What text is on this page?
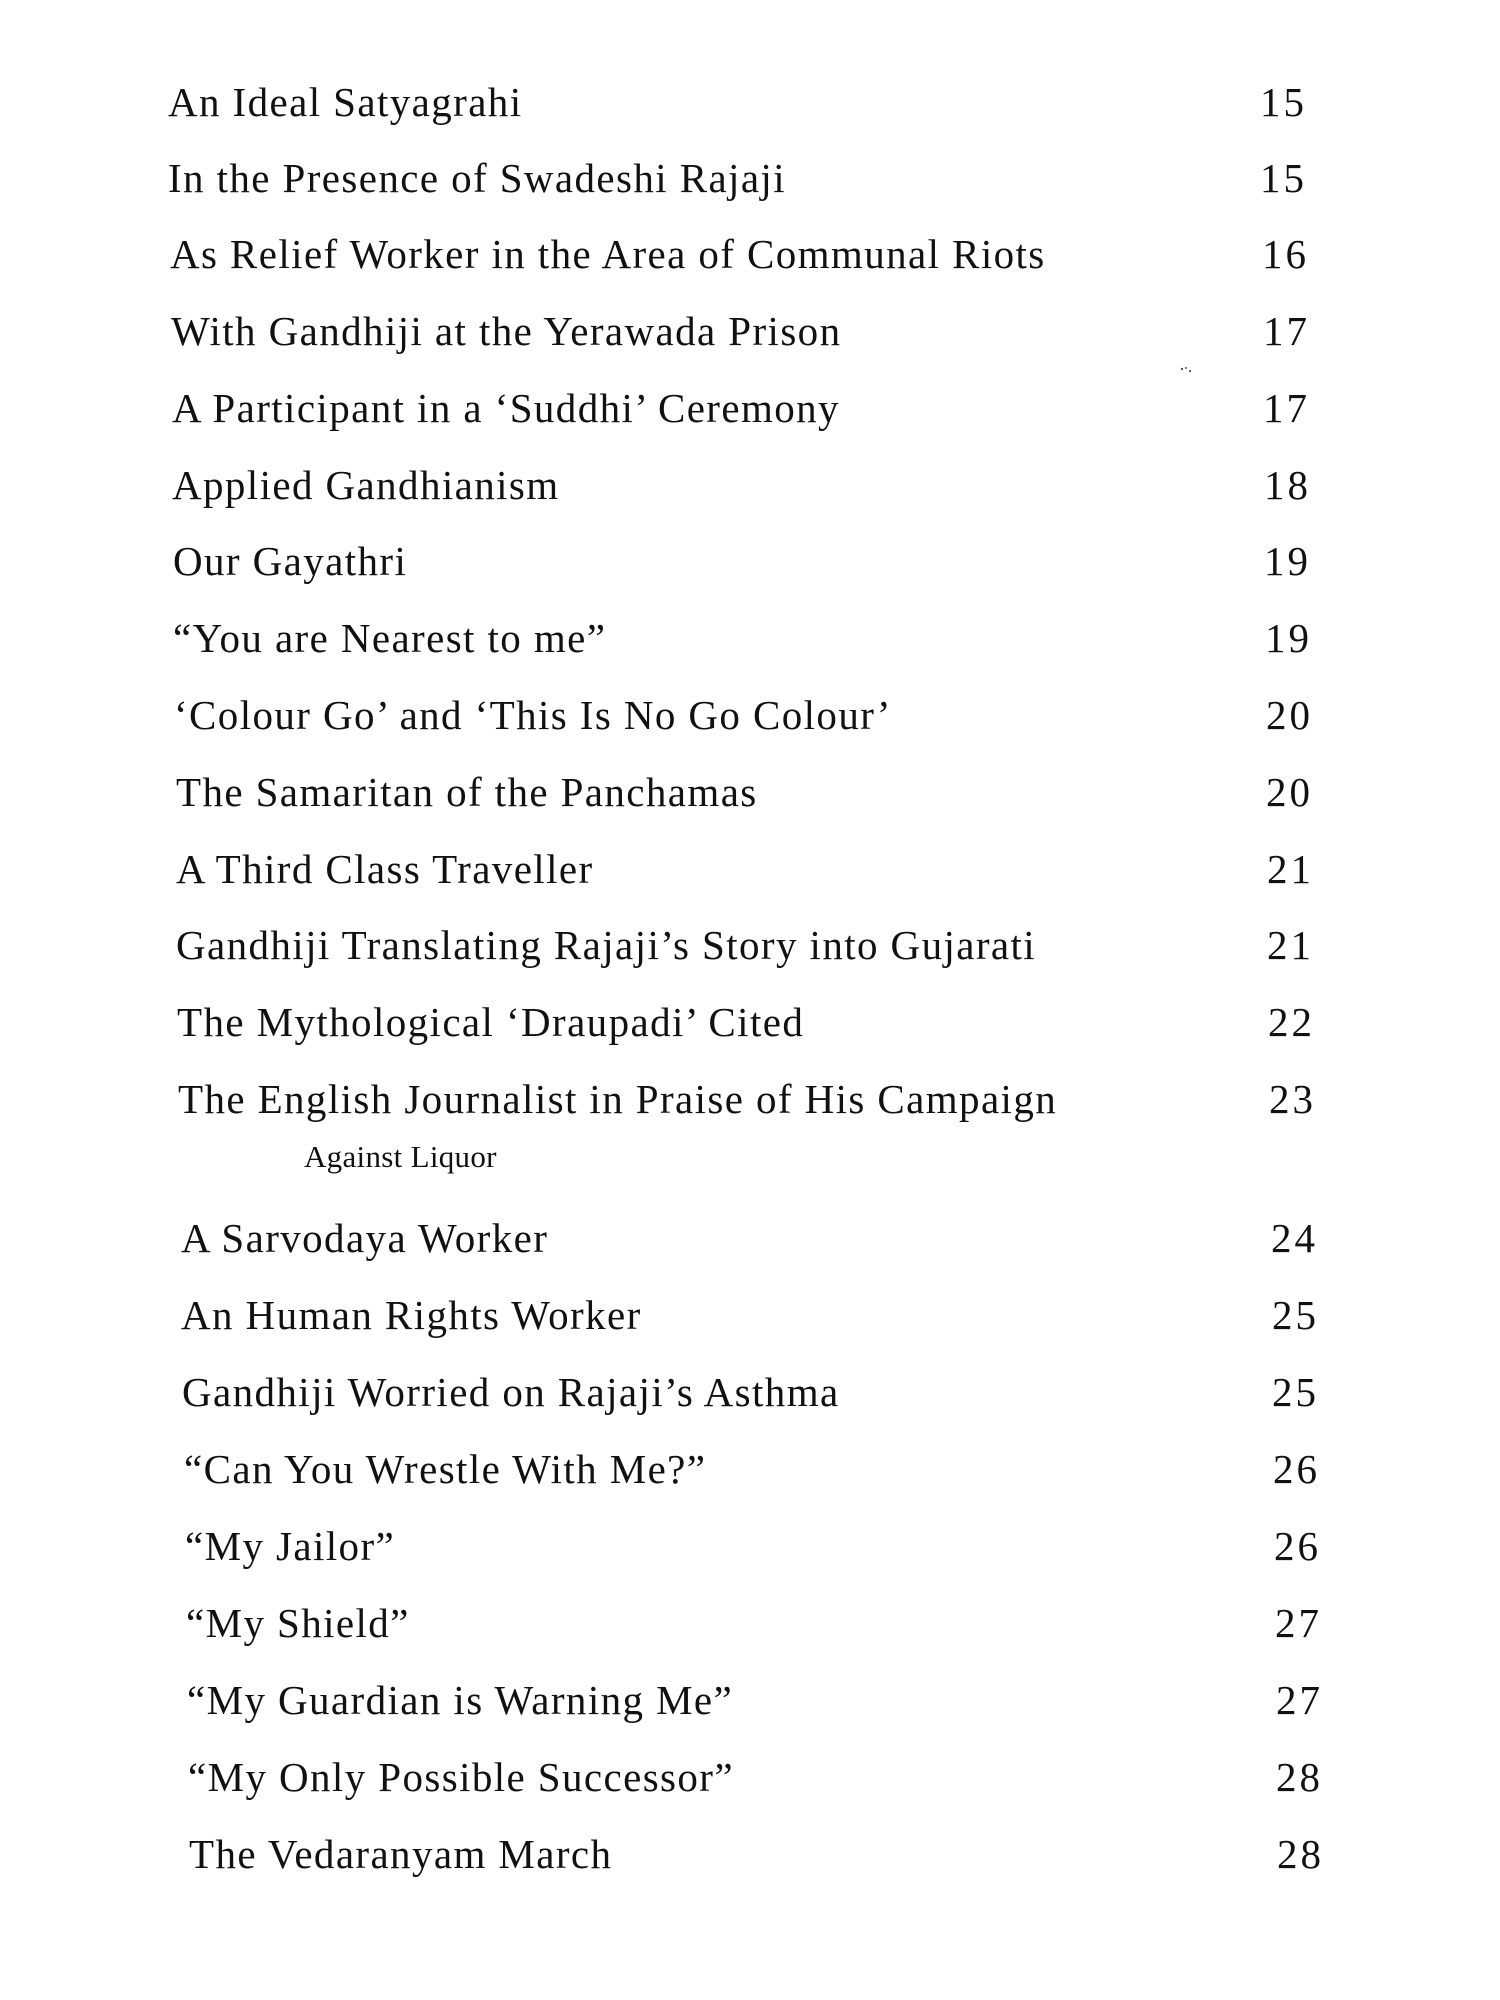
An Ideal Satyagrahi	15
In the Presence of Swadeshi Rajaji	15
As Relief Worker in the Area of Communal Riots	16
With Gandhiji at the Yerawada Prison	17
A Participant in a ‘Suddhi’ Ceremony	17
Applied Gandhianism	18
Our Gayathri	19
“You are Nearest to me”	19
‘Colour Go’ and ‘This Is No Go Colour’	20
The Samaritan of the Panchamas	20
A Third Class Traveller	21
Gandhiji Translating Rajaji’s Story into Gujarati	21
The Mythological ‘Draupadi’ Cited	22
The English Journalist in Praise of His Campaign	23
Against Liquor
A Sarvodaya Worker	24
An Human Rights Worker	25
Gandhiji Worried on Rajaji’s Asthma	25
“Can You Wrestle With Me?”	26
“My Jailor”	26
“My Shield”	27
“My Guardian is Warning Me”	27
“My Only Possible Successor”	28
The Vedaranyam March	28
